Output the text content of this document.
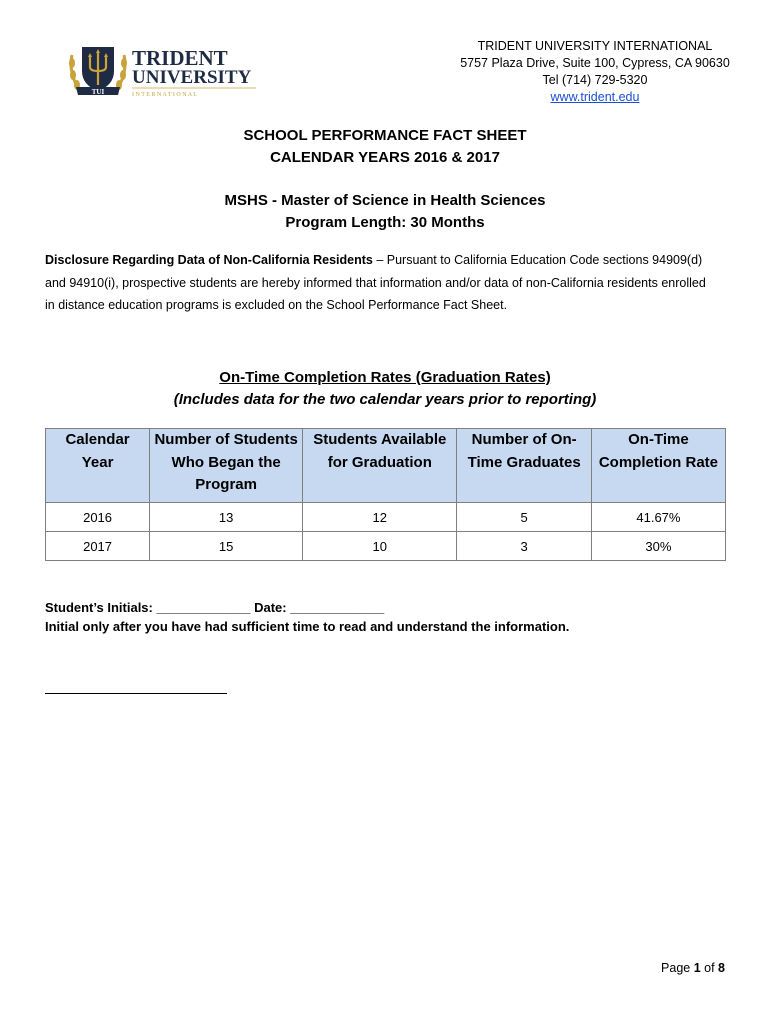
TUI
TRIDENT
UNIVERSITY
I N T E R N A T I O N A L
TRIDENT UNIVERSITY INTERNATIONAL
5757 Plaza Drive, Suite 100, Cypress, CA 90630
Tel (714) 729-5320
www.trident.edu
SCHOOL PERFORMANCE FACT SHEET
CALENDAR YEARS 2016 & 2017
MSHS - Master of Science in Health Sciences
Program Length: 30 Months
Disclosure Regarding Data of Non-California Residents – Pursuant to California Education Code sections 94909(d) and 94910(i), prospective students are hereby informed that information and/or data of non-California residents enrolled in distance education programs is excluded on the School Performance Fact Sheet.
On-Time Completion Rates (Graduation Rates)
(Includes data for the two calendar years prior to reporting)
Calendar Year	Number of Students Who Began the Program	Students Available for Graduation	Number of On-Time Graduates	On-Time Completion Rate
2016	13	12	5	41.67%
2017	15	10	3	30%
Student’s Initials: _____________ Date: _____________
Initial only after you have had sufficient time to read and understand the information.
Page 1 of 8
